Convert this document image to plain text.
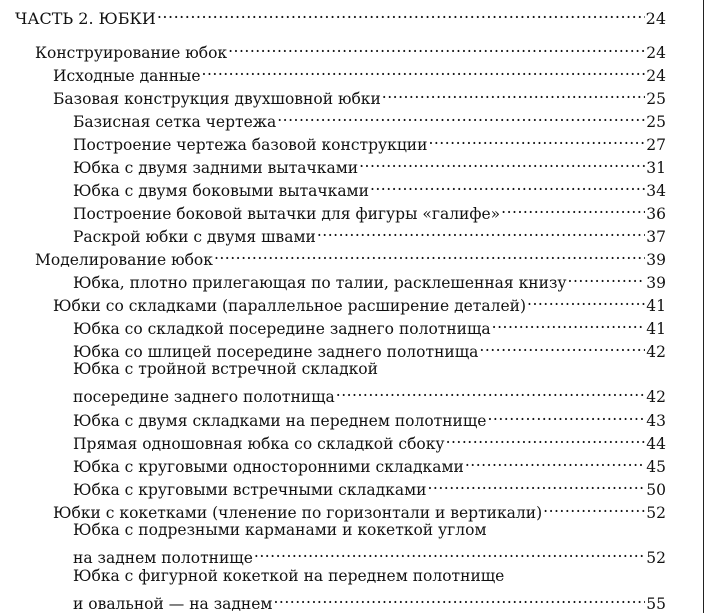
ЧАСТЬ 2. ЮБКИ .....	24
Конструирование юбок .....	24
Исходные данные .....	24
Базовая конструкция двухшовной юбки .....	25
Базисная сетка чертежа .....	25
Построение чертежа базовой конструкции .....	27
Юбка с двумя задними вытачками .....	31
Юбка с двумя боковыми вытачками .....	34
Построение боковой вытачки для фигуры «галифе» .....	36
Раскрой юбки с двумя швами .....	37
Моделирование юбок .....	39
Юбка, плотно прилегающая по талии, расклешенная книзу .....	39
Юбки со складками (параллельное расширение деталей) .....	41
Юбка со складкой посередине заднего полотнища .....	41
Юбка со шлицей посередине заднего полотнища .....	42
Юбка с тройной встречной складкой
посередине заднего полотнища .....	42
Юбка с двумя складками на переднем полотнище .....	43
Прямая одношовная юбка со складкой сбоку .....	44
Юбка с круговыми односторонними складками .....	45
Юбка с круговыми встречными складками .....	50
Юбки с кокетками (членение по горизонтали и вертикали) .....	52
Юбка с подрезными карманами и кокеткой углом
на заднем полотнище .....	52
Юбка с фигурной кокеткой на переднем полотнище
и овальной — на заднем .....	55
